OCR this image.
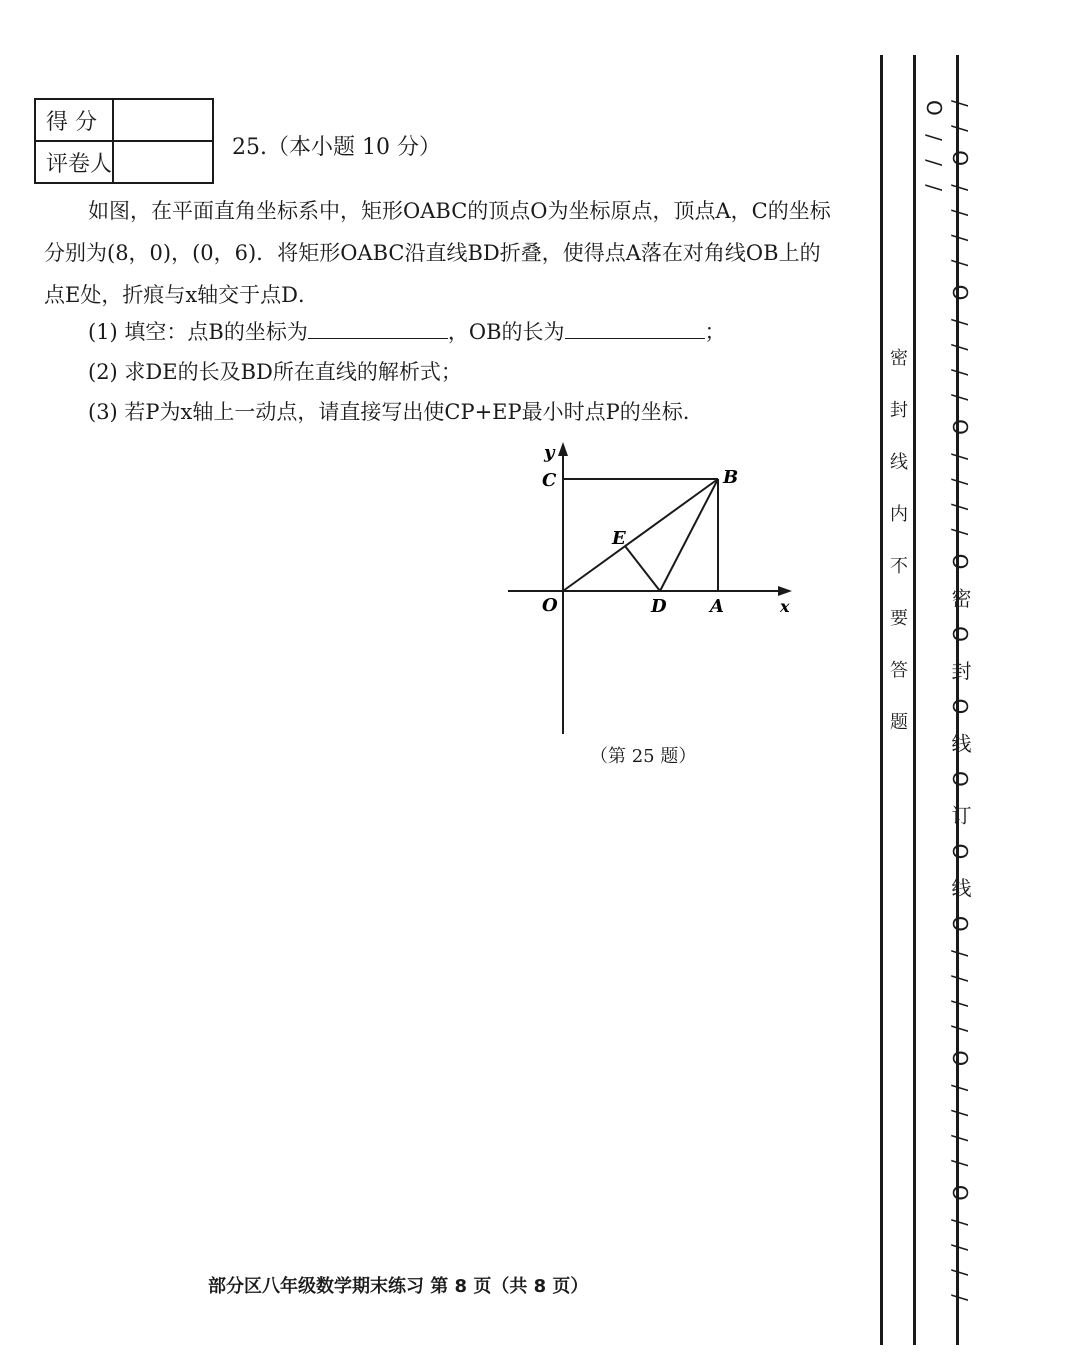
得 分	
评卷人	
25.（本小题 10 分）
如图，在平面直角坐标系中，矩形OABC的顶点O为坐标原点，顶点A，C的坐标分别为(8，0)，(0，6)．将矩形OABC沿直线BD折叠，使得点A落在对角线OB上的点E处，折痕与x轴交于点D．
(1) 填空：点B的坐标为	，OB的长为	；
(2) 求DE的长及BD所在直线的解析式；
(3) 若P为x轴上一动点，请直接写出使CP+EP最小时点P的坐标.
y
C	B
E
O	D A	x
（第 25 题）
部分区八年级数学期末练习 第 8 页（共 8 页）
密封线内不要答题	/ / O / / / / O / / / / O / / / / O 密 O 封 O 线 O 订 O 线 O / / / / O / / / / O / / / / O / / /
